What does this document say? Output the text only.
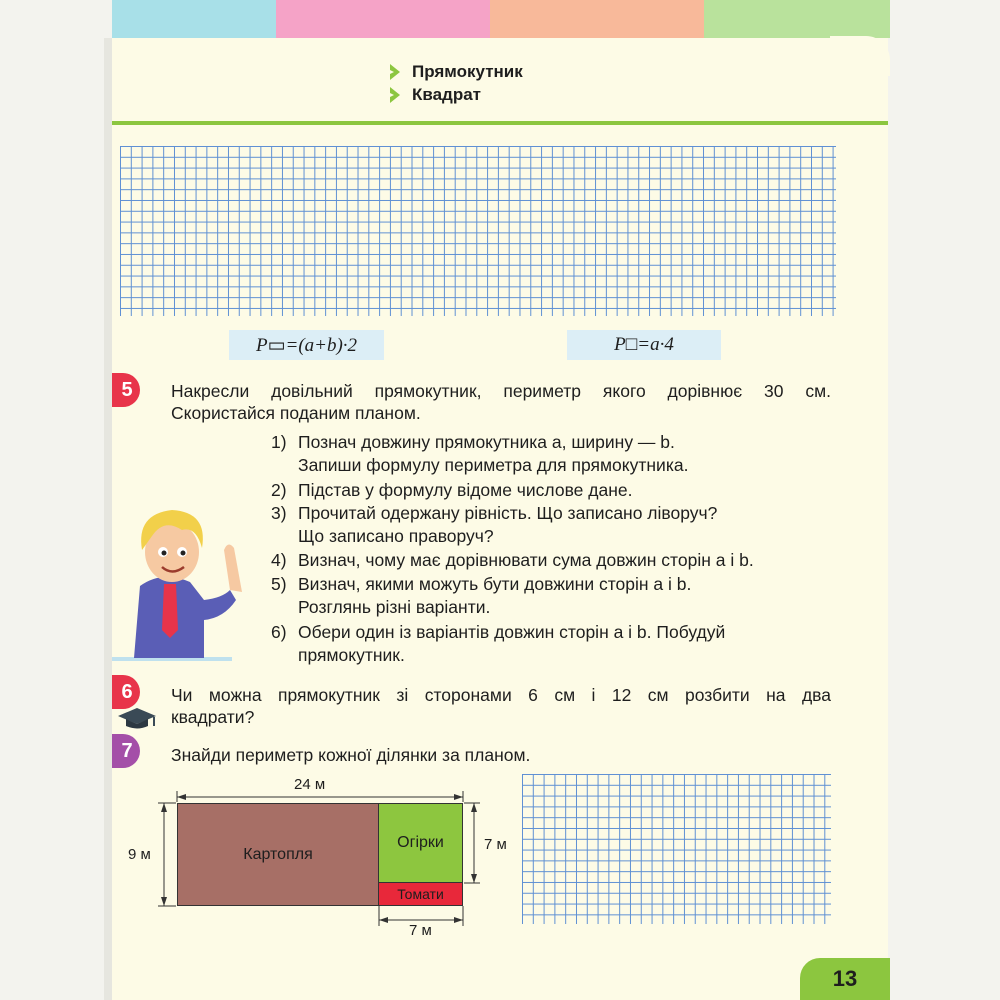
Прямокутник
Квадрат
P▭=(a+b)·2	P□=a·4
5 Накресли довільний прямокутник, периметр якого дорівнює 30 см.
Скористайся поданим планом.
1) Познач довжину прямокутника a, ширину — b.
Запиши формулу периметра для прямокутника.
2) Підстав у формулу відоме числове дане.
3) Прочитай одержану рівність. Що записано ліворуч?
Що записано праворуч?
4) Визнач, чому має дорівнювати сума довжин сторін a і b.
5) Визнач, якими можуть бути довжини сторін a і b.
Розглянь різні варіанти.
6) Обери один із варіантів довжин сторін a і b. Побудуй
прямокутник.
6 Чи можна прямокутник зі сторонами 6 см і 12 см розбити на два
квадрати?
7 Знайди периметр кожної ділянки за планом.
Картопля
Огірки
Томати
24 м
9 м
7 м
7 м
13
